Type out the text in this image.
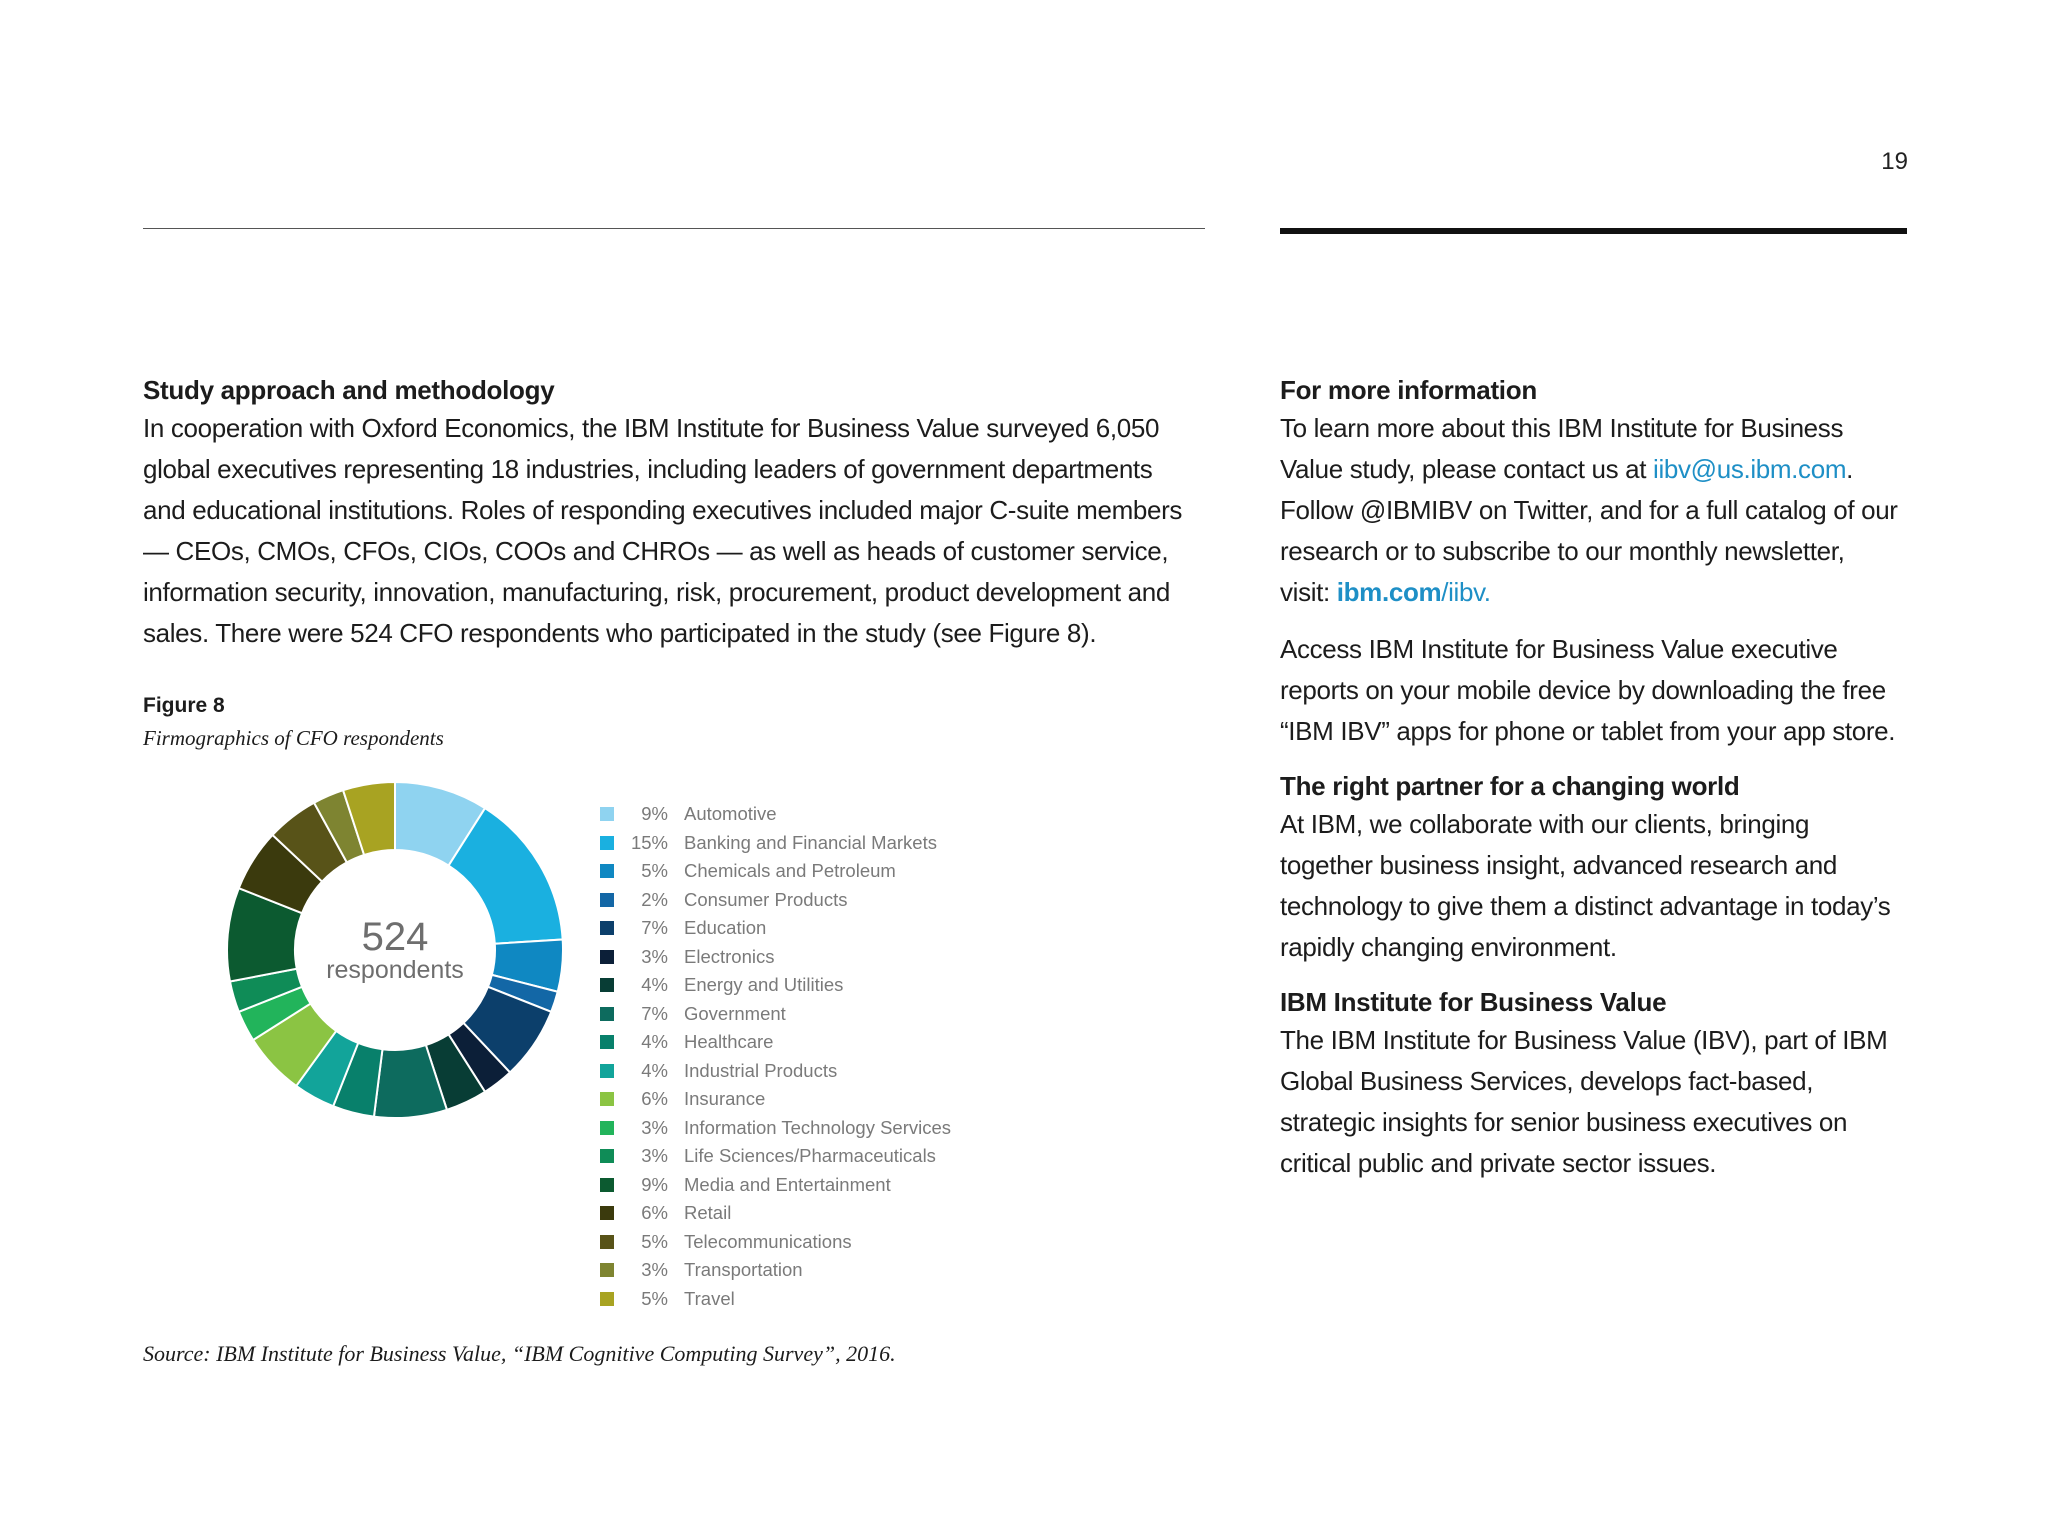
19

Study approach and methodology

In cooperation with Oxford Economics, the IBM Institute for Business Value surveyed 6,050

global executives representing 18 industries, including leaders of government departments

and educational institutions. Roles of responding executives included major C-suite members

— CEOs, CMOs, CFOs, CIOs, COOs and CHROs — as well as heads of customer service,

information security, innovation, manufacturing, risk, procurement, product development and

sales. There were 524 CFO respondents who participated in the study (see Figure 8).

Figure 8
Firmographics of CFO respondents
524
respondents
9% Automotive
15% Banking and Financial Markets
5% Chemicals and Petroleum
2% Consumer Products
7% Education
3% Electronics
4% Energy and Utilities
7% Government
4% Healthcare
4% Industrial Products
6% Insurance
3% Information Technology Services
3% Life Sciences/Pharmaceuticals
9% Media and Entertainment
6% Retail
5% Telecommunications
3% Transportation
5% Travel
Source: IBM Institute for Business Value, “IBM Cognitive Computing Survey”, 2016.

For more information

To learn more about this IBM Institute for Business

Value study, please contact us at iibv@us.ibm.com.

Follow @IBMIBV on Twitter, and for a full catalog of our

research or to subscribe to our monthly newsletter,

visit: ibm.com/iibv.

Access IBM Institute for Business Value executive

reports on your mobile device by downloading the free

“IBM IBV” apps for phone or tablet from your app store.

The right partner for a changing world

At IBM, we collaborate with our clients, bringing

together business insight, advanced research and

technology to give them a distinct advantage in today’s

rapidly changing environment.

IBM Institute for Business Value

The IBM Institute for Business Value (IBV), part of IBM

Global Business Services, develops fact-based,

strategic insights for senior business executives on

critical public and private sector issues.
